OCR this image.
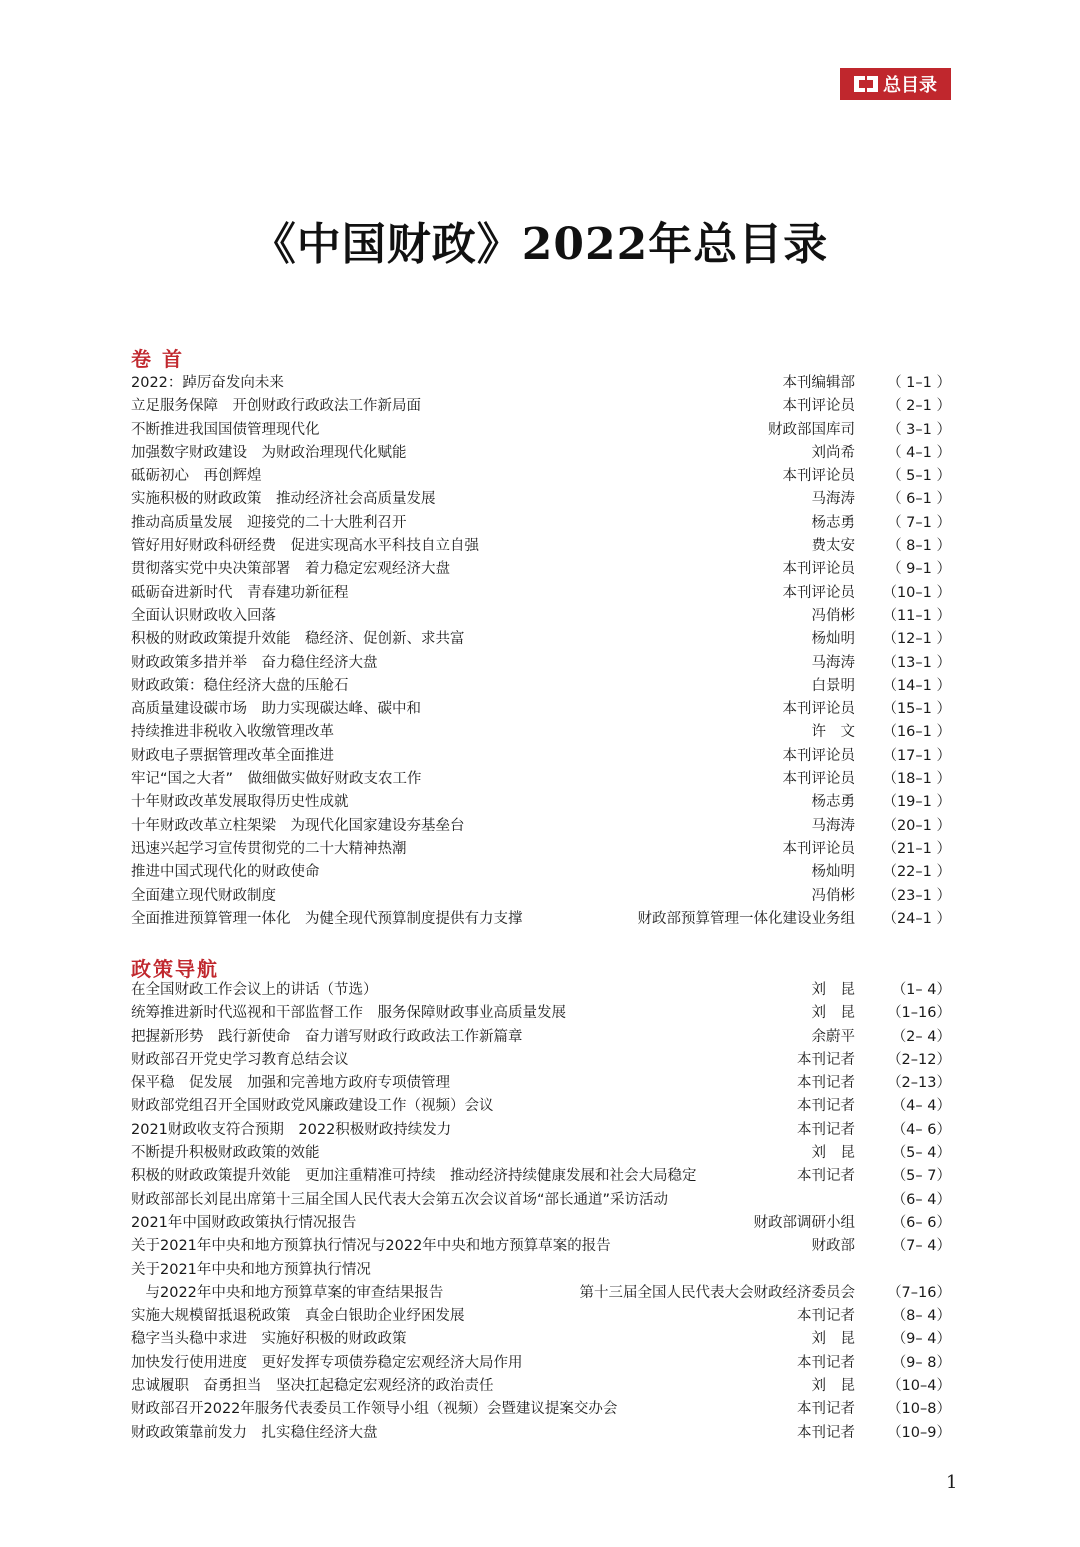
总目录
《中国财政》2022年总目录
卷 首
2022：踔厉奋发向未来	本刊编辑部 （ 1–1 ）
立足服务保障　开创财政行政政法工作新局面	本刊评论员 （ 2–1 ）
不断推进我国国债管理现代化	财政部国库司 （ 3–1 ）
加强数字财政建设　为财政治理现代化赋能	刘尚希 （ 4–1 ）
砥砺初心　再创辉煌	本刊评论员 （ 5–1 ）
实施积极的财政政策　推动经济社会高质量发展	马海涛 （ 6–1 ）
推动高质量发展　迎接党的二十大胜利召开	杨志勇 （ 7–1 ）
管好用好财政科研经费　促进实现高水平科技自立自强	费太安 （ 8–1 ）
贯彻落实党中央决策部署　着力稳定宏观经济大盘	本刊评论员 （ 9–1 ）
砥砺奋进新时代　青春建功新征程	本刊评论员 （10–1 ）
全面认识财政收入回落	冯俏彬 （11–1 ）
积极的财政政策提升效能　稳经济、促创新、求共富	杨灿明 （12–1 ）
财政政策多措并举　奋力稳住经济大盘	马海涛 （13–1 ）
财政政策：稳住经济大盘的压舱石	白景明 （14–1 ）
高质量建设碳市场　助力实现碳达峰、碳中和	本刊评论员 （15–1 ）
持续推进非税收入收缴管理改革	许　文 （16–1 ）
财政电子票据管理改革全面推进	本刊评论员 （17–1 ）
牢记“国之大者”　做细做实做好财政支农工作	本刊评论员 （18–1 ）
十年财政改革发展取得历史性成就	杨志勇 （19–1 ）
十年财政改革立柱架梁　为现代化国家建设夯基垒台	马海涛 （20–1 ）
迅速兴起学习宣传贯彻党的二十大精神热潮	本刊评论员 （21–1 ）
推进中国式现代化的财政使命	杨灿明 （22–1 ）
全面建立现代财政制度	冯俏彬 （23–1 ）
全面推进预算管理一体化　为健全现代预算制度提供有力支撑	财政部预算管理一体化建设业务组 （24–1 ）
政策导航
在全国财政工作会议上的讲话（节选）	刘　昆	（1– 4）
统筹推进新时代巡视和干部监督工作　服务保障财政事业高质量发展	刘　昆 （1–16）
把握新形势　践行新使命　奋力谱写财政行政政法工作新篇章	余蔚平	（2– 4）
财政部召开党史学习教育总结会议	本刊记者 （2–12）
保平稳　促发展　加强和完善地方政府专项债管理	本刊记者 （2–13）
财政部党组召开全国财政党风廉政建设工作（视频）会议	本刊记者	（4– 4）
2021财政收支符合预期　2022积极财政持续发力	本刊记者	（4– 6）
不断提升积极财政政策的效能	刘　昆	（5– 4）
积极的财政政策提升效能　更加注重精准可持续　推动经济持续健康发展和社会大局稳定	本刊记者	（5– 7）
财政部部长刘昆出席第十三届全国人民代表大会第五次会议首场“部长通道”采访活动	（6– 4）
2021年中国财政政策执行情况报告	财政部调研小组	（6– 6）
关于2021年中央和地方预算执行情况与2022年中央和地方预算草案的报告	财政部	（7– 4）
关于2021年中央和地方预算执行情况
　与2022年中央和地方预算草案的审查结果报告	第十三届全国人民代表大会财政经济委员会 （7–16）
实施大规模留抵退税政策　真金白银助企业纾困发展	本刊记者	（8– 4）
稳字当头稳中求进　实施好积极的财政政策	刘　昆	（9– 4）
加快发行使用进度　更好发挥专项债券稳定宏观经济大局作用	本刊记者	（9– 8）
忠诚履职　奋勇担当　坚决扛起稳定宏观经济的政治责任	刘　昆 （10–4）
财政部召开2022年服务代表委员工作领导小组（视频）会暨建议提案交办会	本刊记者 （10–8）
财政政策靠前发力　扎实稳住经济大盘	本刊记者 （10–9）
1
